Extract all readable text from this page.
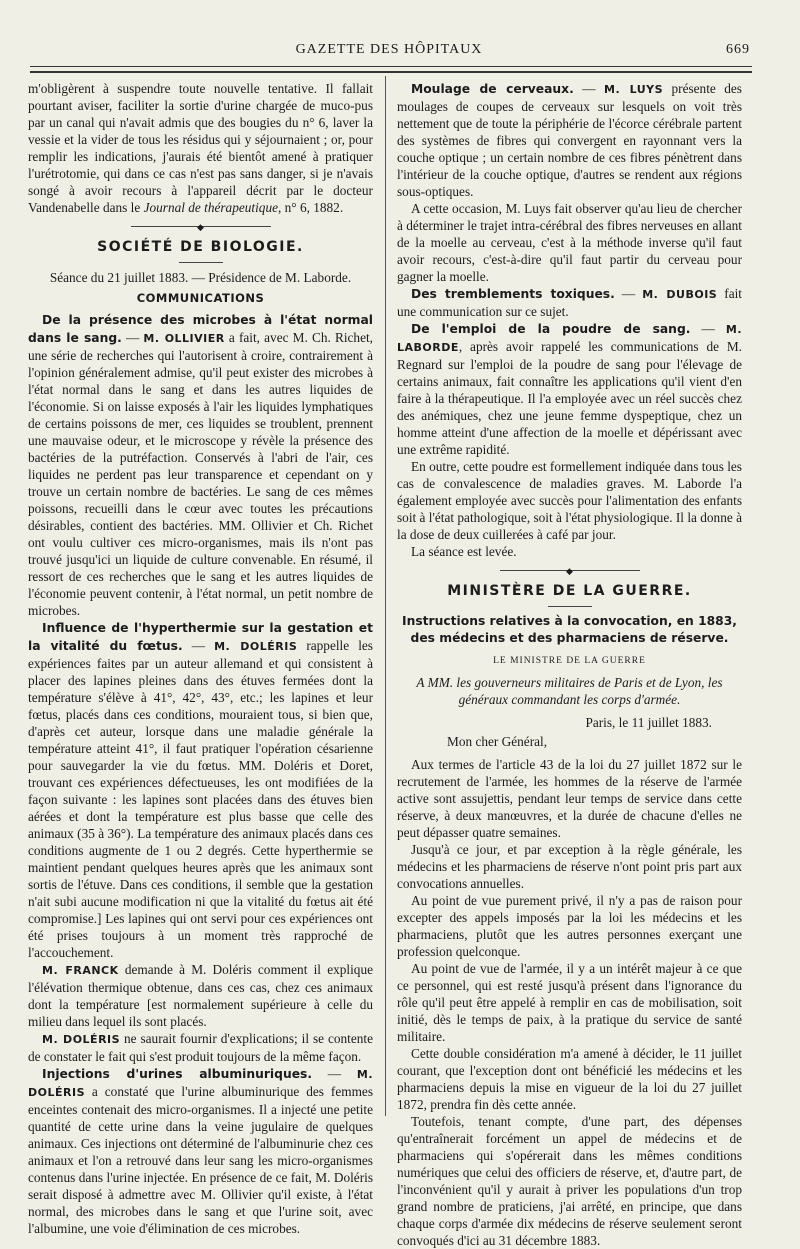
GAZETTE DES HÔPITAUX	669

m'obligèrent à suspendre toute nouvelle tentative. Il fallait pourtant aviser, faciliter la sortie d'urine chargée de muco-pus par un canal qui n'avait admis que des bougies du n° 6, laver la vessie et la vider de tous les résidus qui y séjournaient ; or, pour remplir les indications, j'aurais été bientôt amené à pratiquer l'urétrotomie, qui dans ce cas n'est pas sans danger, si je n'avais songé à avoir recours à l'appareil décrit par le docteur Vandenabelle dans le Journal de thérapeutique, n° 6, 1882.

◆
SOCIÉTÉ DE BIOLOGIE.

Séance du 21 juillet 1883. — Présidence de M. Laborde.

COMMUNICATIONS

De la présence des microbes à l'état normal dans le sang. — M. OLLIVIER a fait, avec M. Ch. Richet, une série de recherches qui l'autorisent à croire, contrairement à l'opinion généralement admise, qu'il peut exister des microbes à l'état normal dans le sang et dans les autres liquides de l'économie. Si on laisse exposés à l'air les liquides lymphatiques de certains poissons de mer, ces liquides se troublent, prennent une mauvaise odeur, et le microscope y révèle la présence des bactéries de la putréfaction. Conservés à l'abri de l'air, ces liquides ne perdent pas leur transparence et cependant on y trouve un certain nombre de bactéries. Le sang de ces mêmes poissons, recueilli dans le cœur avec toutes les précautions désirables, contient des bactéries. MM. Ollivier et Ch. Richet ont voulu cultiver ces micro-organismes, mais ils n'ont pas trouvé jusqu'ici un liquide de culture convenable. En résumé, il ressort de ces recherches que le sang et les autres liquides de l'économie peuvent contenir, à l'état normal, un petit nombre de microbes.

Influence de l'hyperthermie sur la gestation et la vitalité du fœtus. — M. DOLÉRIS rappelle les expériences faites par un auteur allemand et qui consistent à placer des lapines pleines dans des étuves fermées dont la température s'élève à 41°, 42°, 43°, etc.; les lapines et leur fœtus, placés dans ces conditions, mouraient tous, si bien que, d'après cet auteur, lorsque dans une maladie générale la température atteint 41°, il faut pratiquer l'opération césarienne pour sauvegarder la vie du fœtus. MM. Doléris et Doret, trouvant ces expériences défectueuses, les ont modifiées de la façon suivante : les lapines sont placées dans des étuves bien aérées et dont la température est plus basse que celle des animaux (35 à 36°). La température des animaux placés dans ces conditions augmente de 1 ou 2 degrés. Cette hyperthermie se maintient pendant quelques heures après que les animaux sont sortis de l'étuve. Dans ces conditions, il semble que la gestation n'ait subi aucune modification ni que la vitalité du fœtus ait été compromise.] Les lapines qui ont servi pour ces expériences ont été prises toujours à un moment très rapproché de l'accouchement.

M. FRANCK demande à M. Doléris comment il explique l'élévation thermique obtenue, dans ces cas, chez ces animaux dont la température [est normalement supérieure à celle du milieu dans lequel ils sont placés.

M. DOLÉRIS ne saurait fournir d'explications; il se contente de constater le fait qui s'est produit toujours de la même façon.

Injections d'urines albuminuriques. — M. DOLÉRIS a constaté que l'urine albuminurique des femmes enceintes contenait des micro-organismes. Il a injecté une petite quantité de cette urine dans la veine jugulaire de quelques animaux. Ces injections ont déterminé de l'albuminurie chez ces animaux et l'on a retrouvé dans leur sang les micro-organismes contenus dans l'urine injectée. En présence de ce fait, M. Doléris serait disposé à admettre avec M. Ollivier qu'il existe, à l'état normal, des microbes dans le sang et que l'urine soit, avec l'albumine, une voie d'élimination de ces microbes.

Moulage de cerveaux. — M. LUYS présente des moulages de coupes de cerveaux sur lesquels on voit très nettement que de toute la périphérie de l'écorce cérébrale partent des systèmes de fibres qui convergent en rayonnant vers la couche optique ; un certain nombre de ces fibres pénètrent dans l'intérieur de la couche optique, d'autres se rendent aux régions sous-optiques.

A cette occasion, M. Luys fait observer qu'au lieu de chercher à déterminer le trajet intra-cérébral des fibres nerveuses en allant de la moelle au cerveau, c'est à la méthode inverse qu'il faut avoir recours, c'est-à-dire qu'il faut partir du cerveau pour gagner la moelle.

Des tremblements toxiques. — M. DUBOIS fait une communication sur ce sujet.

De l'emploi de la poudre de sang. — M. LABORDE, après avoir rappelé les communications de M. Regnard sur l'emploi de la poudre de sang pour l'élevage de certains animaux, fait connaître les applications qu'il vient d'en faire à la thérapeutique. Il l'a employée avec un réel succès chez des anémiques, chez une jeune femme dyspeptique, chez un homme atteint d'une affection de la moelle et dépérissant avec une extrême rapidité.

En outre, cette poudre est formellement indiquée dans tous les cas de convalescence de maladies graves. M. Laborde l'a également employée avec succès pour l'alimentation des enfants soit à l'état pathologique, soit à l'état physiologique. Il la donne à la dose de deux cuillerées à café par jour.

La séance est levée.

◆
MINISTÈRE DE LA GUERRE.
Instructions relatives à la convocation, en 1883, des médecins et des pharmaciens de réserve.

LE MINISTRE DE LA GUERRE

A MM. les gouverneurs militaires de Paris et de Lyon, les généraux commandant les corps d'armée.

Paris, le 11 juillet 1883.

Mon cher Général,

Aux termes de l'article 43 de la loi du 27 juillet 1872 sur le recrutement de l'armée, les hommes de la réserve de l'armée active sont assujettis, pendant leur temps de service dans cette réserve, à deux manœuvres, et la durée de chacune d'elles ne peut dépasser quatre semaines.

Jusqu'à ce jour, et par exception à la règle générale, les médecins et les pharmaciens de réserve n'ont point pris part aux convocations annuelles.

Au point de vue purement privé, il n'y a pas de raison pour excepter des appels imposés par la loi les médecins et les pharmaciens, plutôt que les autres personnes exerçant une profession quelconque.

Au point de vue de l'armée, il y a un intérêt majeur à ce que ce personnel, qui est resté jusqu'à présent dans l'ignorance du rôle qu'il peut être appelé à remplir en cas de mobilisation, soit initié, dès le temps de paix, à la pratique du service de santé militaire.

Cette double considération m'a amené à décider, le 11 juillet courant, que l'exception dont ont bénéficié les médecins et les pharmaciens depuis la mise en vigueur de la loi du 27 juillet 1872, prendra fin dès cette année.

Toutefois, tenant compte, d'une part, des dépenses qu'entraînerait forcément un appel de médecins et de pharmaciens qui s'opérerait dans les mêmes conditions numériques que celui des officiers de réserve, et, d'autre part, de l'inconvénient qu'il y aurait à priver les populations d'un trop grand nombre de praticiens, j'ai arrêté, en principe, que dans chaque corps d'armée dix médecins de réserve seulement seront convoqués d'ici au 31 décembre 1883.
